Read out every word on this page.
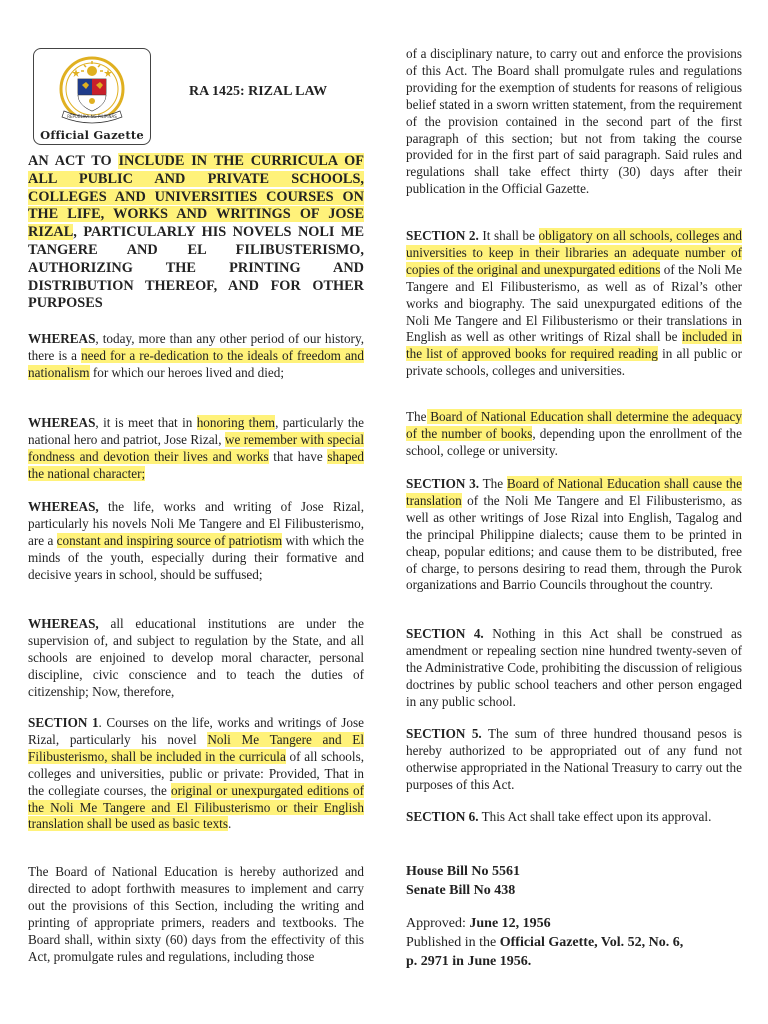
REPUBLIKA NG PILIPINAS
Official Gazette
RA 1425: RIZAL LAW
AN ACT TO INCLUDE IN THE CURRICULA OF ALL PUBLIC AND PRIVATE SCHOOLS, COLLEGES AND UNIVERSITIES COURSES ON THE LIFE, WORKS AND WRITINGS OF JOSE RIZAL, PARTICULARLY HIS NOVELS NOLI ME TANGERE AND EL FILIBUSTERISMO, AUTHORIZING THE PRINTING AND DISTRIBUTION THEREOF, AND FOR OTHER PURPOSES

WHEREAS, today, more than any other period of our history, there is a need for a re-dedication to the ideals of freedom and nationalism for which our heroes lived and died;

WHEREAS, it is meet that in honoring them, particularly the national hero and patriot, Jose Rizal, we remember with special fondness and devotion their lives and works that have shaped the national character;

WHEREAS, the life, works and writing of Jose Rizal, particularly his novels Noli Me Tangere and El Filibusterismo, are a constant and inspiring source of patriotism with which the minds of the youth, especially during their formative and decisive years in school, should be suffused;

WHEREAS, all educational institutions are under the supervision of, and subject to regulation by the State, and all schools are enjoined to develop moral character, personal discipline, civic conscience and to teach the duties of citizenship; Now, therefore,

SECTION 1. Courses on the life, works and writings of Jose Rizal, particularly his novel Noli Me Tangere and El Filibusterismo, shall be included in the curricula of all schools, colleges and universities, public or private: Provided, That in the collegiate courses, the original or unexpurgated editions of the Noli Me Tangere and El Filibusterismo or their English translation shall be used as basic texts.

The Board of National Education is hereby authorized and directed to adopt forthwith measures to implement and carry out the provisions of this Section, including the writing and printing of appropriate primers, readers and textbooks. The Board shall, within sixty (60) days from the effectivity of this Act, promulgate rules and regulations, including those

of a disciplinary nature, to carry out and enforce the provisions of this Act. The Board shall promulgate rules and regulations providing for the exemption of students for reasons of religious belief stated in a sworn written statement, from the requirement of the provision contained in the second part of the first paragraph of this section; but not from taking the course provided for in the first part of said paragraph. Said rules and regulations shall take effect thirty (30) days after their publication in the Official Gazette.

SECTION 2. It shall be obligatory on all schools, colleges and universities to keep in their libraries an adequate number of copies of the original and unexpurgated editions of the Noli Me Tangere and El Filibusterismo, as well as of Rizal’s other works and biography. The said unexpurgated editions of the Noli Me Tangere and El Filibusterismo or their translations in English as well as other writings of Rizal shall be included in the list of approved books for required reading in all public or private schools, colleges and universities.

The Board of National Education shall determine the adequacy of the number of books, depending upon the enrollment of the school, college or university.

SECTION 3. The Board of National Education shall cause the translation of the Noli Me Tangere and El Filibusterismo, as well as other writings of Jose Rizal into English, Tagalog and the principal Philippine dialects; cause them to be printed in cheap, popular editions; and cause them to be distributed, free of charge, to persons desiring to read them, through the Purok organizations and Barrio Councils throughout the country.

SECTION 4. Nothing in this Act shall be construed as amendment or repealing section nine hundred twenty-seven of the Administrative Code, prohibiting the discussion of religious doctrines by public school teachers and other person engaged in any public school.

SECTION 5. The sum of three hundred thousand pesos is hereby authorized to be appropriated out of any fund not otherwise appropriated in the National Treasury to carry out the purposes of this Act.

SECTION 6. This Act shall take effect upon its approval.

House Bill No 5561
Senate Bill No 438
Approved: June 12, 1956
Published in the Official Gazette, Vol. 52, No. 6,
p. 2971 in June 1956.
